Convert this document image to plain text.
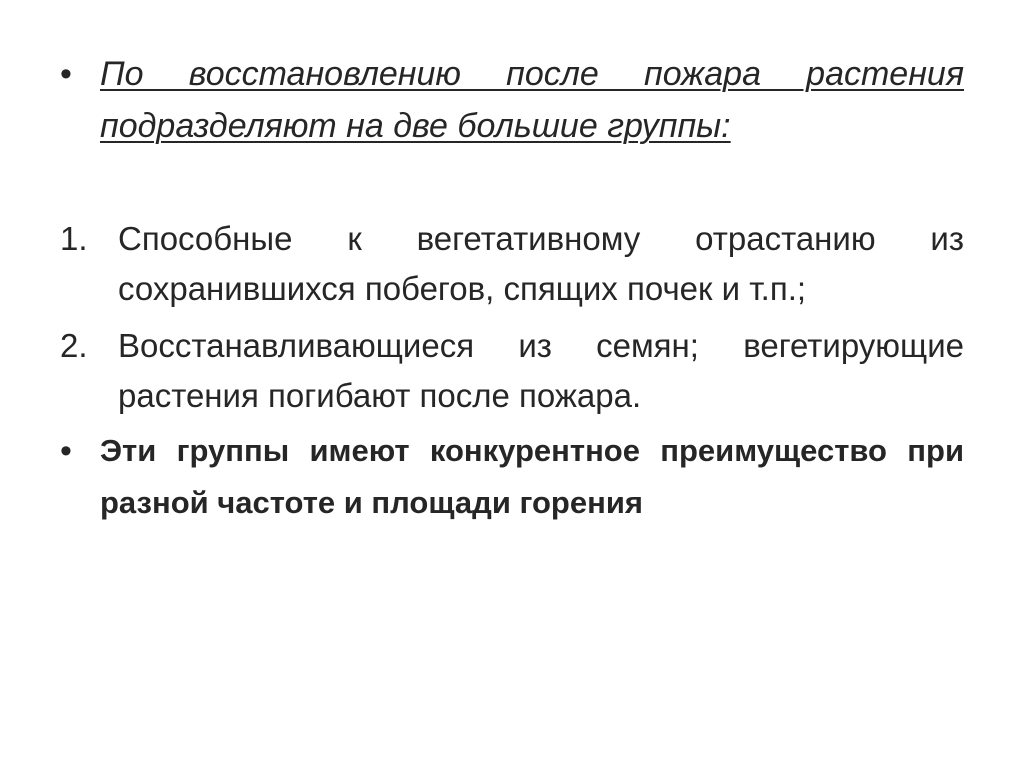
• По восстановлению после пожара растения подразделяют на две большие группы:
1. Способные к вегетативному отрастанию из сохранившихся побегов, спящих почек и т.п.;
2. Восстанавливающиеся из семян; вегетирующие растения погибают после пожара.
• Эти группы имеют конкурентное преимущество при разной частоте и площади горения
